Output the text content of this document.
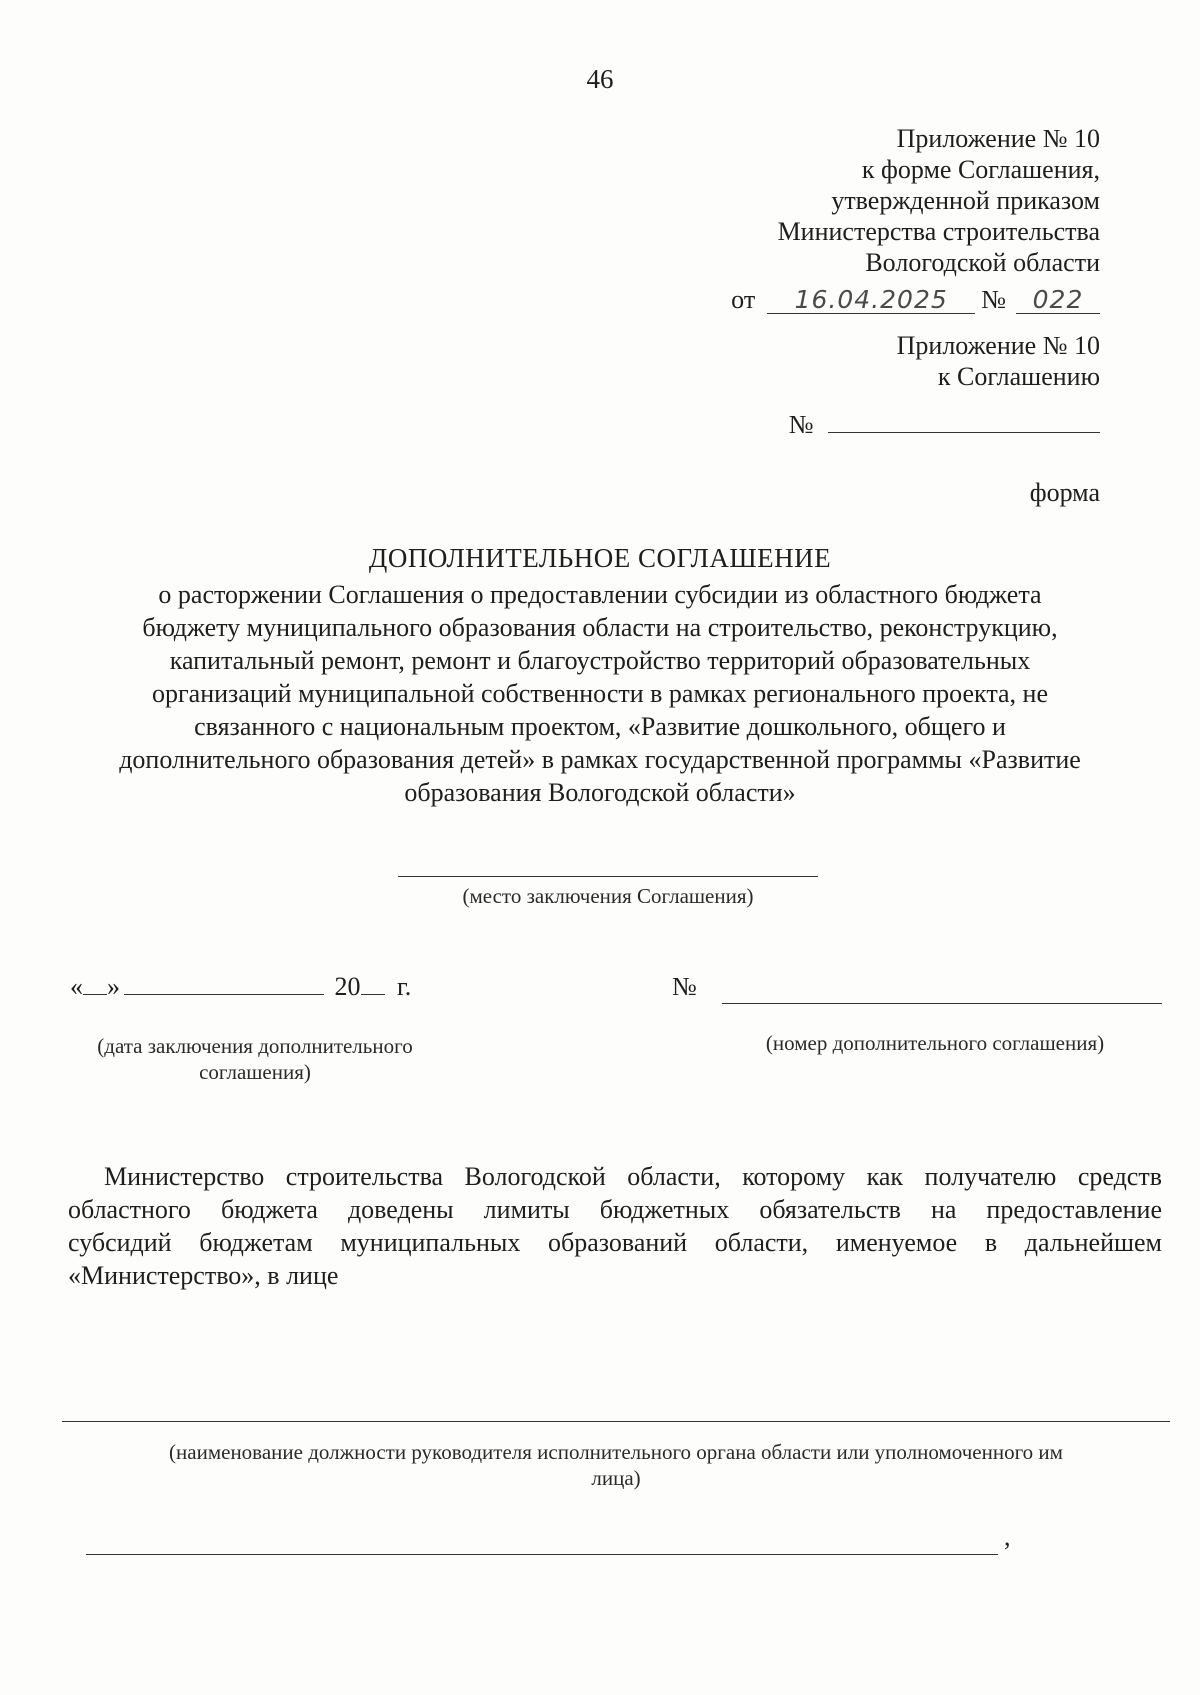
46
Приложение № 10
к форме Соглашения,
утвержденной приказом
Министерства строительства
Вологодской области
от 16.04.2025 № 022
Приложение № 10
к Соглашению
№
форма
ДОПОЛНИТЕЛЬНОЕ СОГЛАШЕНИЕ
о расторжении Соглашения о предоставлении субсидии из областного бюджета
бюджету муниципального образования области на строительство, реконструкцию,
капитальный ремонт, ремонт и благоустройство территорий образовательных
организаций муниципальной собственности в рамках регионального проекта, не
связанного с национальным проектом, «Развитие дошкольного, общего и
дополнительного образования детей» в рамках государственной программы «Развитие
образования Вологодской области»
(место заключения Соглашения)
« »	20 г.
(дата заключения дополнительного
соглашения)
№
(номер дополнительного соглашения)
Министерство строительства Вологодской области, которому как получателю средств
областного бюджета доведены лимиты бюджетных обязательств на предоставление
субсидий бюджетам муниципальных образований области, именуемое в дальнейшем
«Министерство», в лице
(наименование должности руководителя исполнительного органа области или уполномоченного им
лица)
,
